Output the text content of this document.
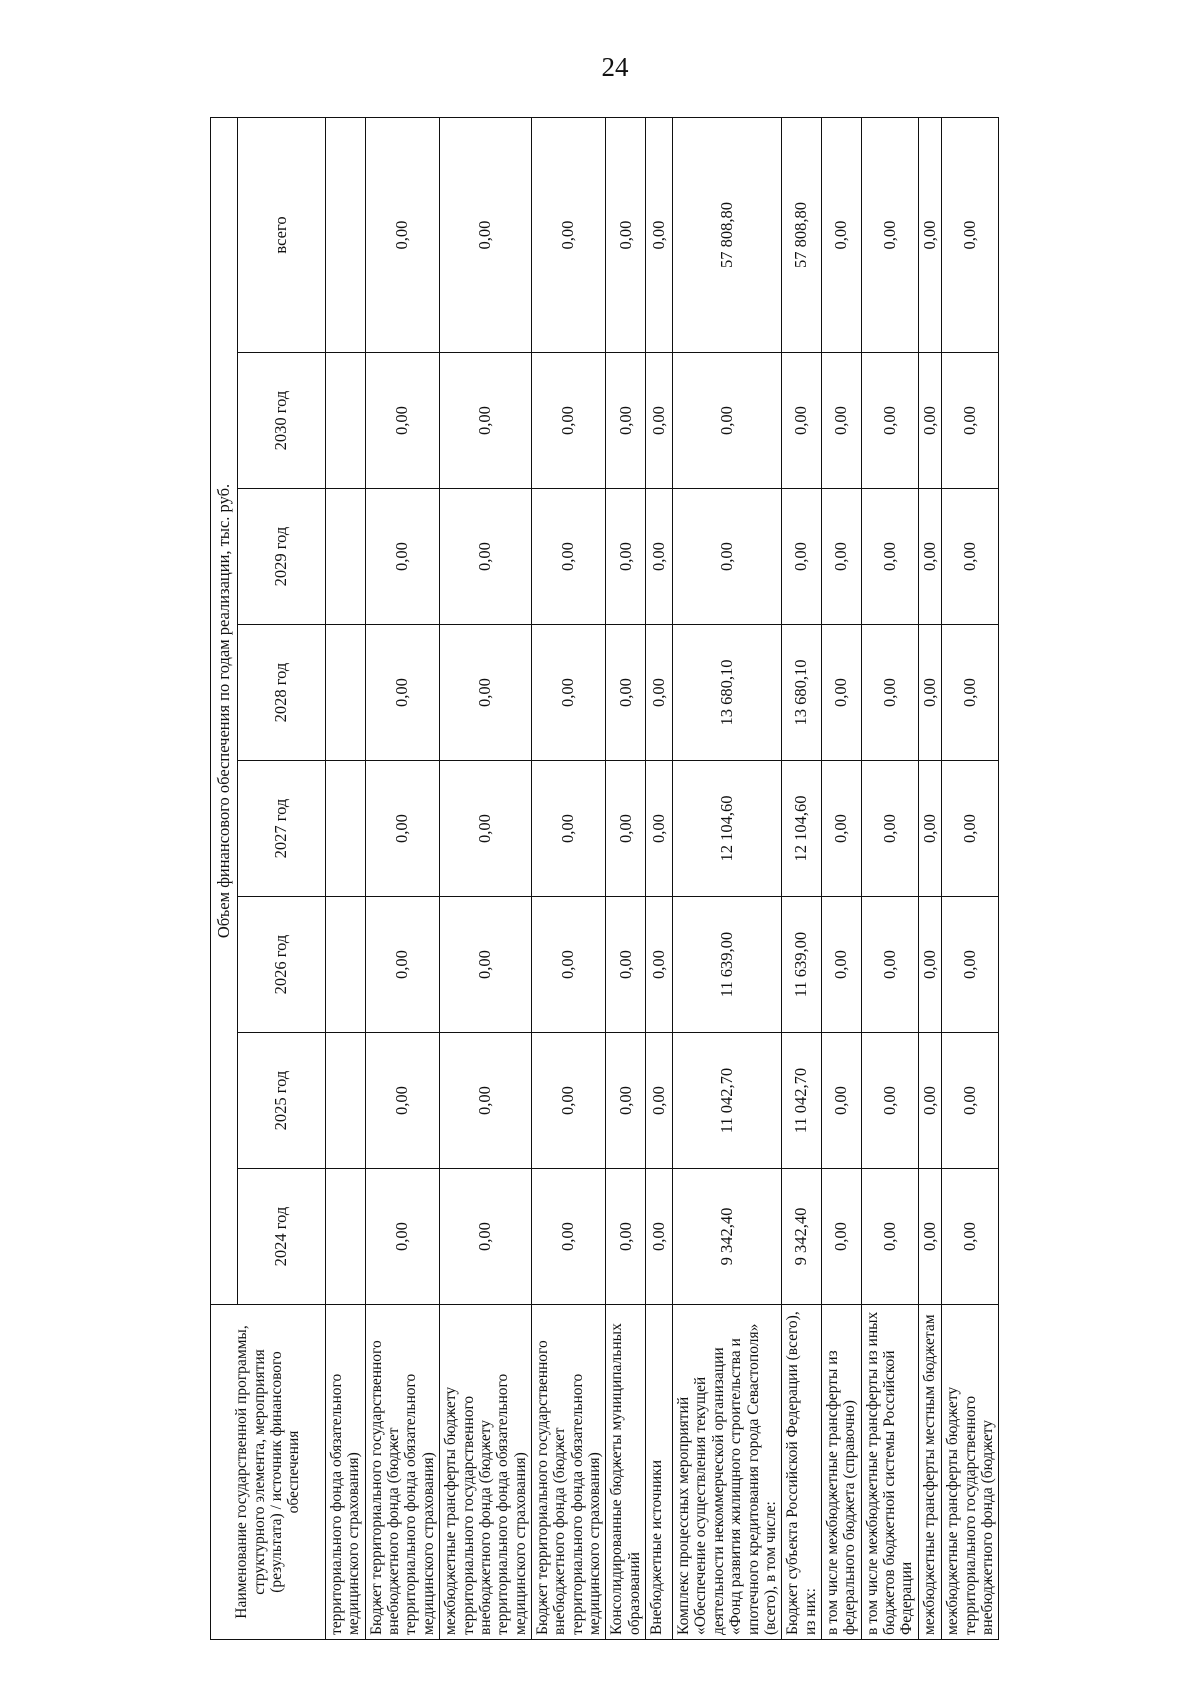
24
Наименование государственной программы, структурного элемента, мероприятия (результата) / источник финансового обеспечения	Объем финансового обеспечения по годам реализации, тыс. руб.							
	2024 год	2025 год	2026 год	2027 год	2028 год	2029 год	2030 год	всего
территориального фонда обязательного медицинского страхования)								
Бюджет территориального государственного внебюджетного фонда (бюджет территориального фонда обязательного медицинского страхования)	0,00	0,00	0,00	0,00	0,00	0,00	0,00	0,00
межбюджетные трансферты бюджету территориального государственного внебюджетного фонда (бюджету территориального фонда обязательного медицинского страхования)	0,00	0,00	0,00	0,00	0,00	0,00	0,00	0,00
Бюджет территориального государственного внебюджетного фонда (бюджет территориального фонда обязательного медицинского страхования)	0,00	0,00	0,00	0,00	0,00	0,00	0,00	0,00
Консолидированные бюджеты муниципальных образований	0,00	0,00	0,00	0,00	0,00	0,00	0,00	0,00
Внебюджетные источники	0,00	0,00	0,00	0,00	0,00	0,00	0,00	0,00
Комплекс процессных мероприятий «Обеспечение осуществления текущей деятельности некоммерческой организации «Фонд развития жилищного строительства и ипотечного кредитования города Севастополя» (всего), в том числе:	9 342,40	11 042,70	11 639,00	12 104,60	13 680,10	0,00	0,00	57 808,80
Бюджет субъекта Российской Федерации (всего), из них:	9 342,40	11 042,70	11 639,00	12 104,60	13 680,10	0,00	0,00	57 808,80
в том числе межбюджетные трансферты из федерального бюджета (справочно)	0,00	0,00	0,00	0,00	0,00	0,00	0,00	0,00
в том числе межбюджетные трансферты из иных бюджетов бюджетной системы Российской Федерации	0,00	0,00	0,00	0,00	0,00	0,00	0,00	0,00
межбюджетные трансферты местным бюджетам	0,00	0,00	0,00	0,00	0,00	0,00	0,00	0,00
межбюджетные трансферты бюджету территориального государственного внебюджетного фонда (бюджету	0,00	0,00	0,00	0,00	0,00	0,00	0,00	0,00
